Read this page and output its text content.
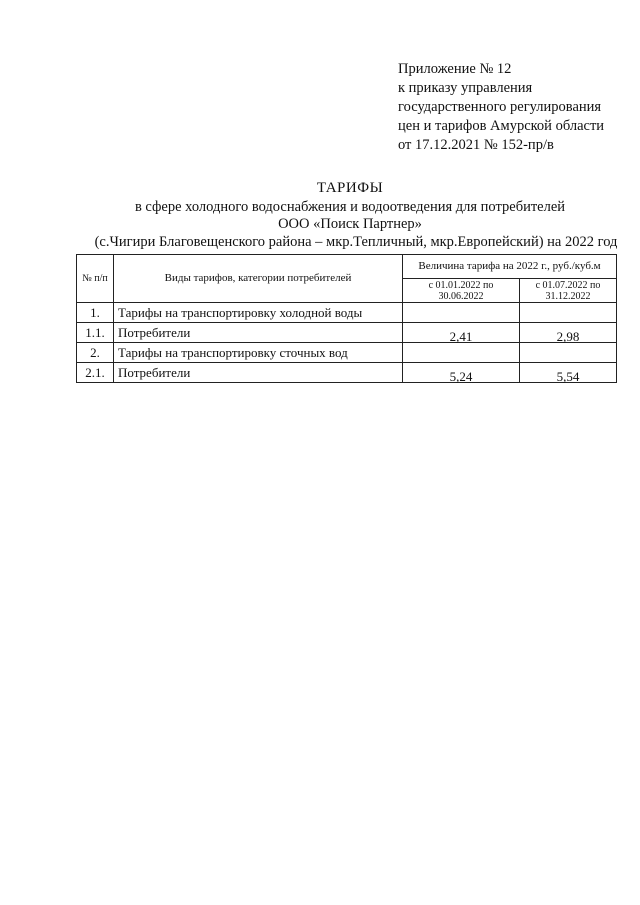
Приложение № 12
к приказу управления
государственного регулирования
цен и тарифов Амурской области
от 17.12.2021 № 152-пр/в
ТАРИФЫ
в сфере холодного водоснабжения и водоотведения для потребителей
ООО «Поиск Партнер»
(с.Чигири Благовещенского района – мкр.Тепличный, мкр.Европейский) на 2022 год
№ п/п	Виды тарифов, категории потребителей	Величина тарифа на 2022 г., руб./куб.м	
		с 01.01.2022 по 30.06.2022	с 01.07.2022 по 31.12.2022
1.	Тарифы на транспортировку холодной воды		
1.1.	Потребители	2,41	2,98
2.	Тарифы на транспортировку сточных вод		
2.1.	Потребители	5,24	5,54
